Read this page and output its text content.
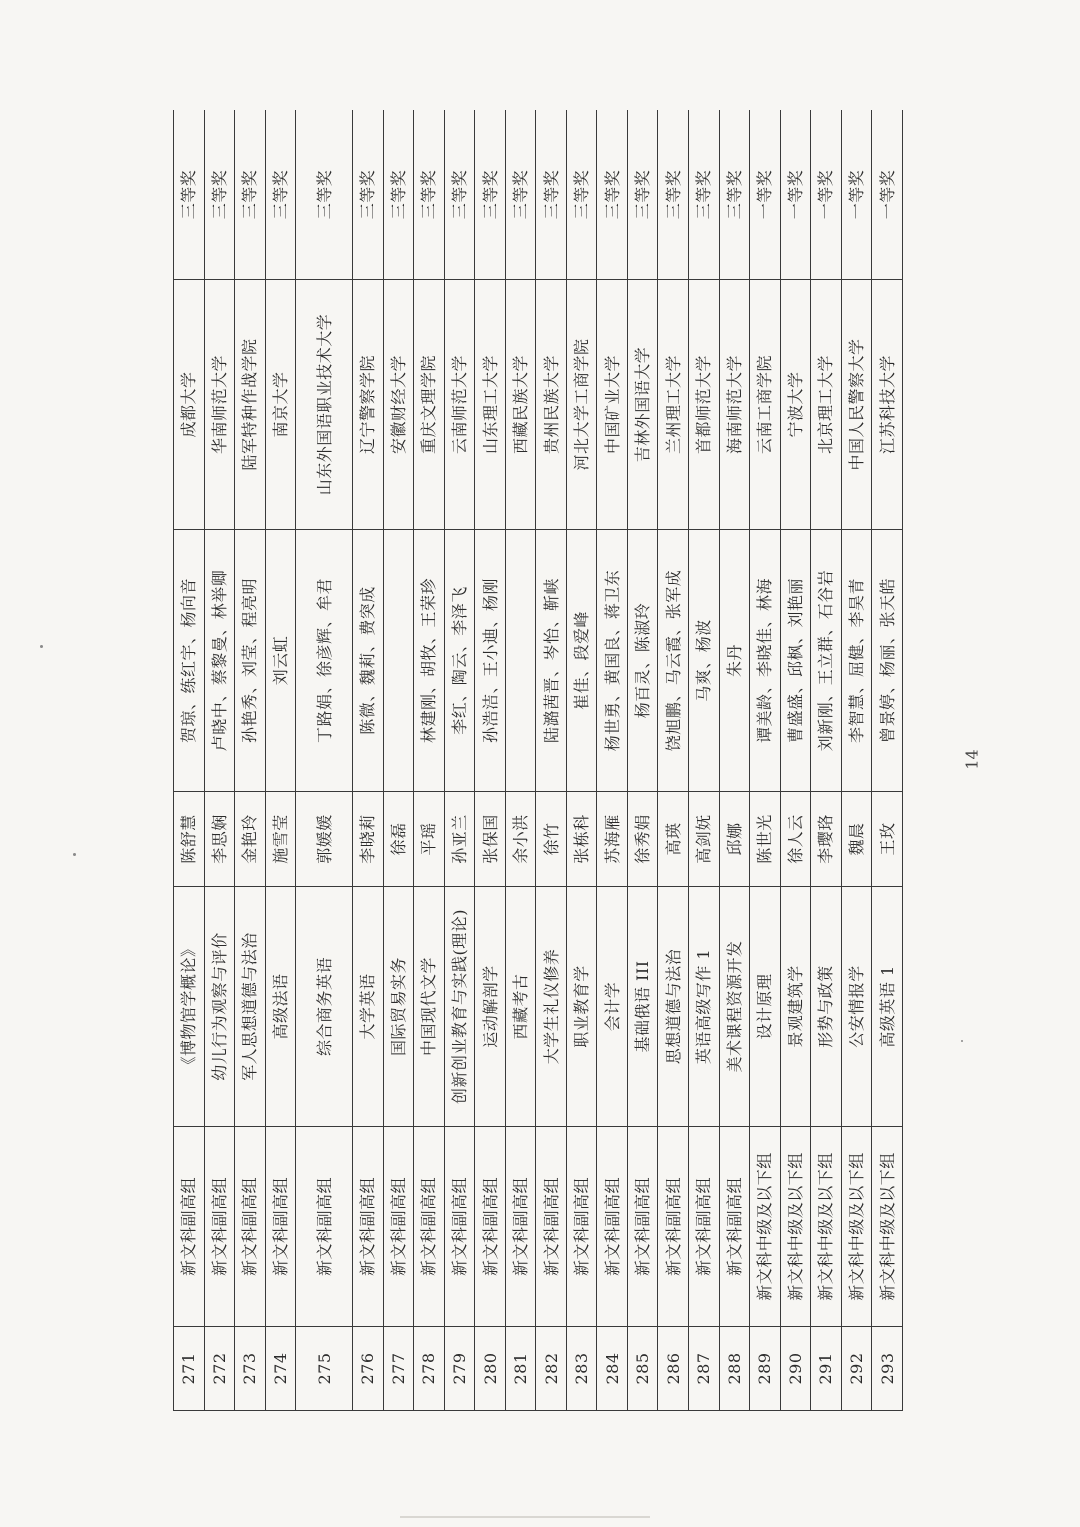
271	新文科副高组	《博物馆学概论》	陈舒慧	贺琼、练红宇、杨向音	成都大学	三等奖
272	新文科副高组	幼儿行为观察与评价	李思娴	卢晓中、蔡黎曼、林举卿	华南师范大学	三等奖
273	新文科副高组	军人思想道德与法治	金艳玲	孙艳秀、刘莹、程亮明	陆军特种作战学院	三等奖
274	新文科副高组	高级法语	施雪莹	刘云虹	南京大学	三等奖
275	新文科副高组	综合商务英语	郭媛媛	丁路娟、徐彦辉、牟君	山东外国语职业技术大学	三等奖
276	新文科副高组	大学英语	李晓莉	陈微、魏莉、费突成	辽宁警察学院	三等奖
277	新文科副高组	国际贸易实务	徐磊		安徽财经大学	三等奖
278	新文科副高组	中国现代文学	平瑶	林建刚、胡牧、王荣珍	重庆文理学院	三等奖
279	新文科副高组	创新创业教育与实践(理论)	孙亚兰	李红、陶云、李泽飞	云南师范大学	三等奖
280	新文科副高组	运动解剖学	张保国	孙浩洁、王小迪、杨刚	山东理工大学	三等奖
281	新文科副高组	西藏考古	余小洪		西藏民族大学	三等奖
282	新文科副高组	大学生礼仪修养	徐竹	陆潞茜晋、岑怡、靳峡	贵州民族大学	三等奖
283	新文科副高组	职业教育学	张栋科	崔佳、段爱峰	河北大学工商学院	三等奖
284	新文科副高组	会计学	苏海雁	杨世勇、黄国良、蒋卫东	中国矿业大学	三等奖
285	新文科副高组	基础俄语 III	徐秀娟	杨百灵、陈淑玲	吉林外国语大学	三等奖
286	新文科副高组	思想道德与法治	高瑛	饶旭鹏、马云霞、张军成	兰州理工大学	三等奖
287	新文科副高组	英语高级写作 1	高剑妩	马爽、杨波	首都师范大学	三等奖
288	新文科副高组	美术课程资源开发	邱娜	朱丹	海南师范大学	三等奖
289	新文科中级及以下组	设计原理	陈世光	谭美龄、李晓佳、林海	云南工商学院	一等奖
290	新文科中级及以下组	景观建筑学	徐人云	曹盛盛、邱枫、刘艳丽	宁波大学	一等奖
291	新文科中级及以下组	形势与政策	李璎珞	刘新刚、王立群、石谷岩	北京理工大学	一等奖
292	新文科中级及以下组	公安情报学	魏晨	李智慧、屈健、李昊青	中国人民警察大学	一等奖
293	新文科中级及以下组	高级英语 1	王玫	曾景婷、杨丽、张天皓	江苏科技大学	一等奖
14
